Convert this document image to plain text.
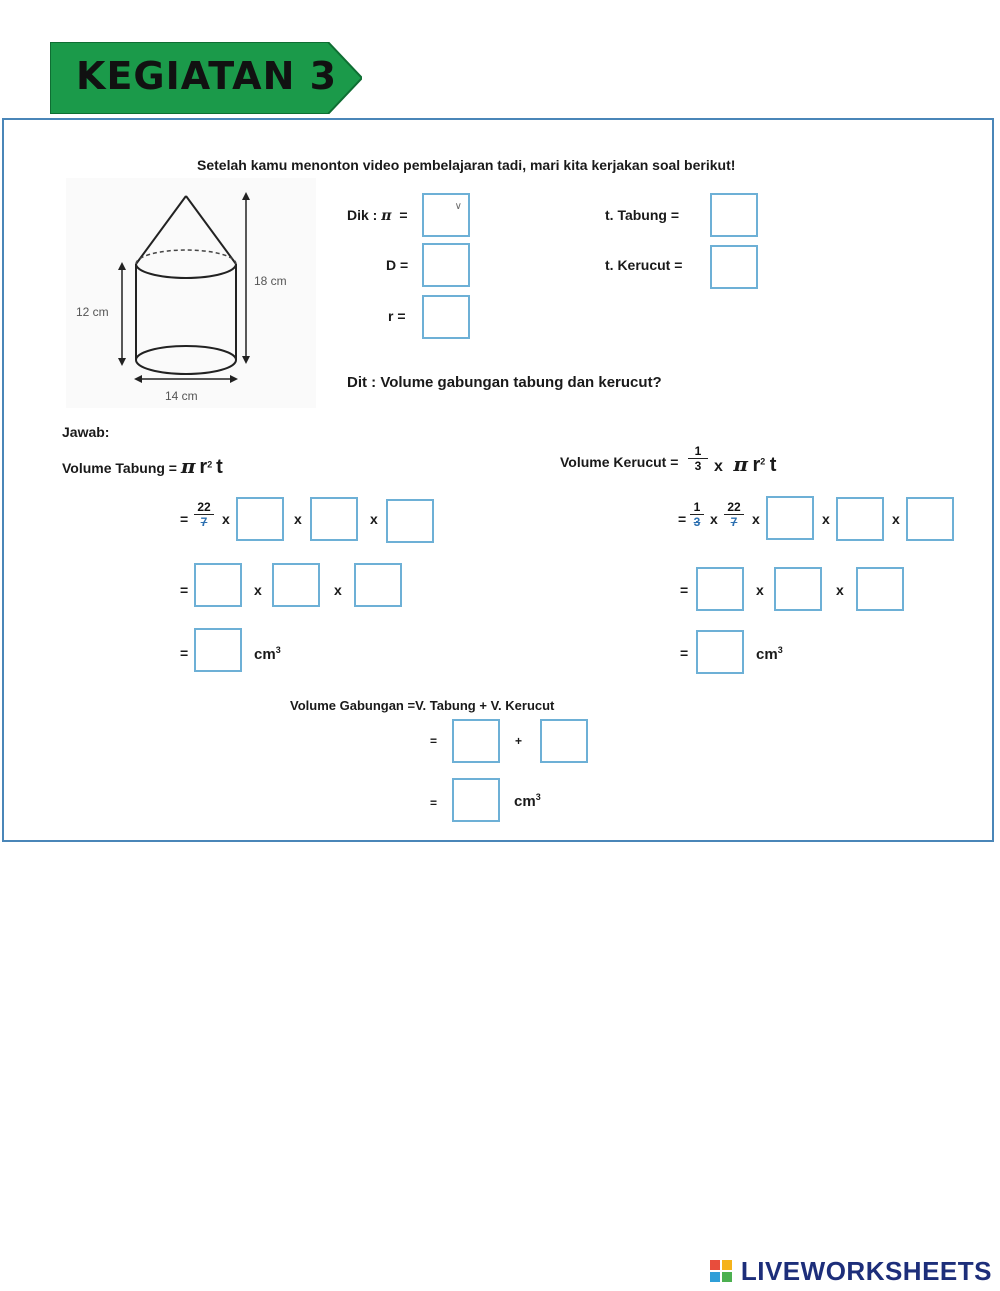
KEGIATAN 3
Setelah kamu menonton video pembelajaran tadi, mari kita kerjakan soal berikut!
12 cm
18 cm
14 cm
Dik : π =
∨
D =
r =
t. Tabung =
t. Kerucut =
Dit : Volume gabungan tabung dan kerucut?
Jawab:
Volume Tabung = π $r^2$ t
= $\frac{22}{7}$ x	x	x
=	x	x
=	$cm^3$
Volume Kerucut = $\frac{1}{3}$ x π $r^2$ t
= $\frac{1}{3}$ x $\frac{22}{7}$ x	x	x
=	x	x
=	$cm^3$
Volume Gabungan =V. Tabung + V. Kerucut
=	+
=	$cm^3$
LIVEWORKSHEETS
